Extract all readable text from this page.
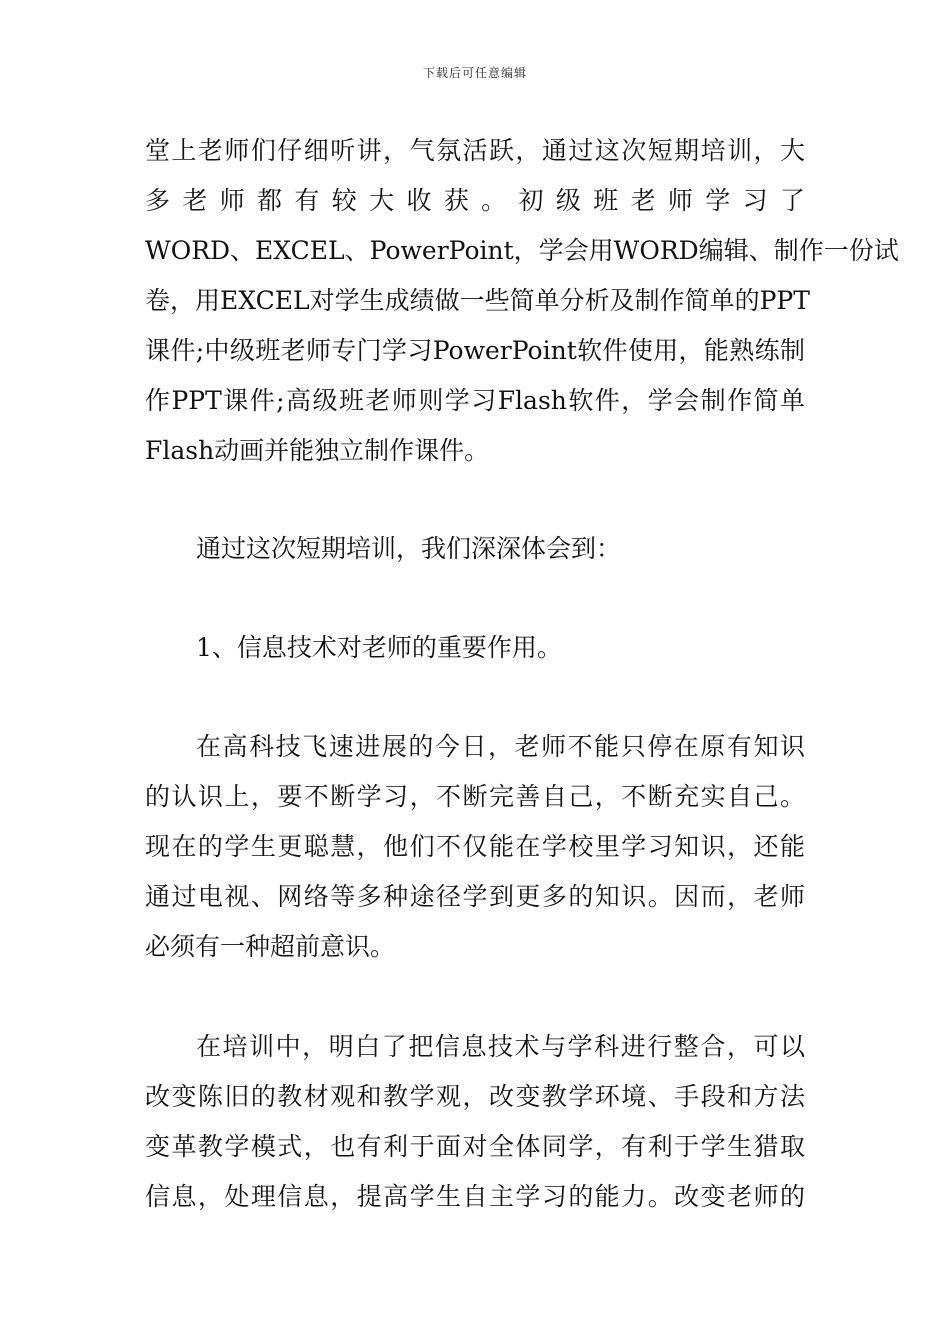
下载后可任意编辑
堂上老师们仔细听讲，气氛活跃，通过这次短期培训，大
多老师都有较大收获。初级班老师学习了
WORD、EXCEL、PowerPoint，学会用WORD编辑、制作一份试
卷，用EXCEL对学生成绩做一些简单分析及制作简单的PPT
课件;中级班老师专门学习PowerPoint软件使用，能熟练制
作PPT课件;高级班老师则学习Flash软件，学会制作简单
Flash动画并能独立制作课件。
通过这次短期培训，我们深深体会到：
1、信息技术对老师的重要作用。
在高科技飞速进展的今日，老师不能只停在原有知识
的认识上，要不断学习，不断完善自己，不断充实自己。
现在的学生更聪慧，他们不仅能在学校里学习知识，还能
通过电视、网络等多种途径学到更多的知识。因而，老师
必须有一种超前意识。
在培训中，明白了把信息技术与学科进行整合，可以
改变陈旧的教材观和教学观，改变教学环境、手段和方法
变革教学模式，也有利于面对全体同学，有利于学生猎取
信息，处理信息，提高学生自主学习的能力。改变老师的
